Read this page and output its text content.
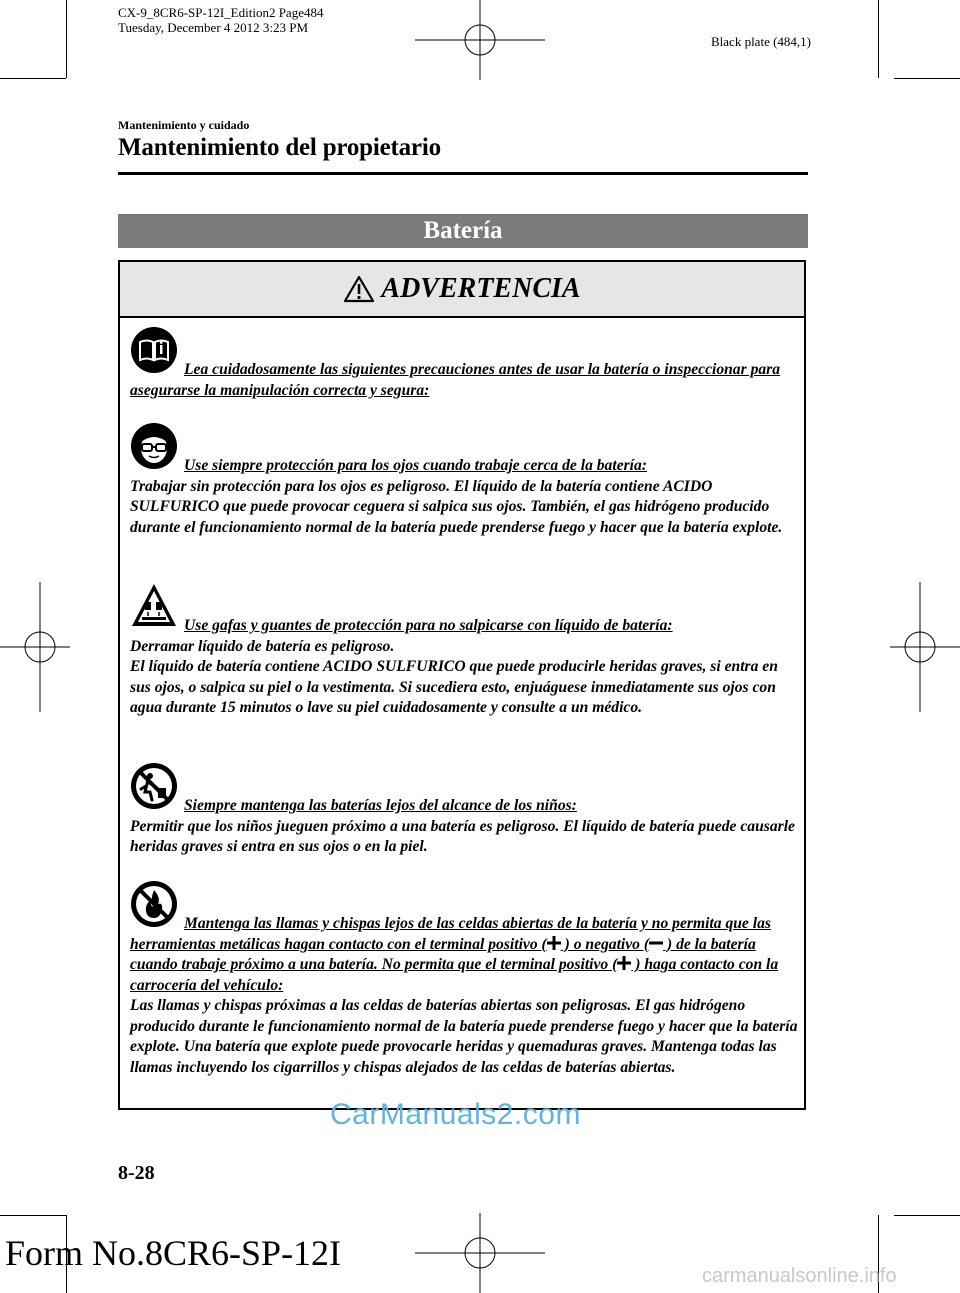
CX-9_8CR6-SP-12I_Edition2 Page484
Tuesday, December 4 2012 3:23 PM
Black plate (484,1)
Mantenimiento y cuidado
Mantenimiento del propietario
Batería
ADVERTENCIA

Lea cuidadosamente las siguientes precauciones antes de usar la batería o inspeccionar para asegurarse la manipulación correcta y segura:

Use siempre protección para los ojos cuando trabaje cerca de la batería:

Trabajar sin protección para los ojos es peligroso. El líquido de la batería contiene ACIDO SULFURICO que puede provocar ceguera si salpica sus ojos. También, el gas hidrógeno producido durante el funcionamiento normal de la batería puede prenderse fuego y hacer que la batería explote.

Use gafas y guantes de protección para no salpicarse con líquido de batería:

Derramar líquido de batería es peligroso.
El líquido de batería contiene ACIDO SULFURICO que puede producirle heridas graves, si entra en sus ojos, o salpica su piel o la vestimenta. Si sucediera esto, enjuáguese inmediatamente sus ojos con agua durante 15 minutos o lave su piel cuidadosamente y consulte a un médico.

Siempre mantenga las baterías lejos del alcance de los niños:

Permitir que los niños jueguen próximo a una batería es peligroso. El líquido de batería puede causarle heridas graves si entra en sus ojos o en la piel.

Mantenga las llamas y chispas lejos de las celdas abiertas de la batería y no permita que las herramientas metálicas hagan contacto con el terminal positivo ( ) o negativo ( ) de la batería cuando trabaje próximo a una batería. No permita que el terminal positivo ( ) haga contacto con la carrocería del vehículo:

Las llamas y chispas próximas a las celdas de baterías abiertas son peligrosas. El gas hidrógeno producido durante le funcionamiento normal de la batería puede prenderse fuego y hacer que la batería explote. Una batería que explote puede provocarle heridas y quemaduras graves. Mantenga todas las llamas incluyendo los cigarrillos y chispas alejados de las celdas de baterías abiertas.

CarManuals2.com
8-28
Form No.8CR6-SP-12I
carmanualsonline.info
